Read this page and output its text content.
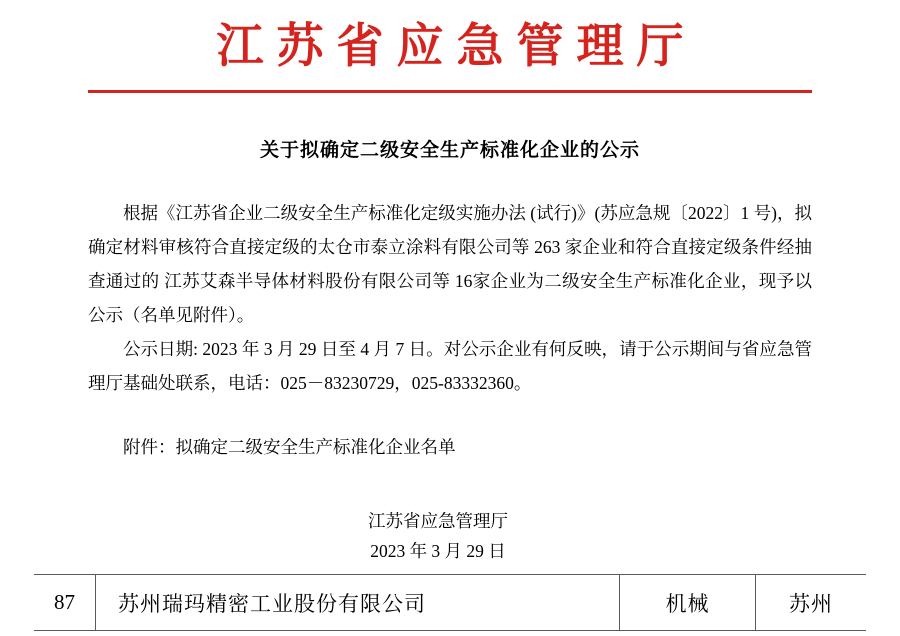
江苏省应急管理厅
关于拟确定二级安全生产标准化企业的公示

根据《江苏省企业二级安全生产标准化定级实施办法 (试行)》(苏应急规〔2022〕1 号)，拟确定材料审核符合直接定级的太仓市泰立涂料有限公司等 263 家企业和符合直接定级条件经抽查通过的 江苏艾森半导体材料股份有限公司等 16家企业为二级安全生产标准化企业，现予以公示（名单见附件）。

公示日期: 2023 年 3 月 29 日至 4 月 7 日。对公示企业有何反映，请于公示期间与省应急管理厅基础处联系，电话：025－83230729，025-83332360。

附件：拟确定二级安全生产标准化企业名单

江苏省应急管理厅
2023 年 3 月 29 日
87	苏州瑞玛精密工业股份有限公司	机械	苏州
